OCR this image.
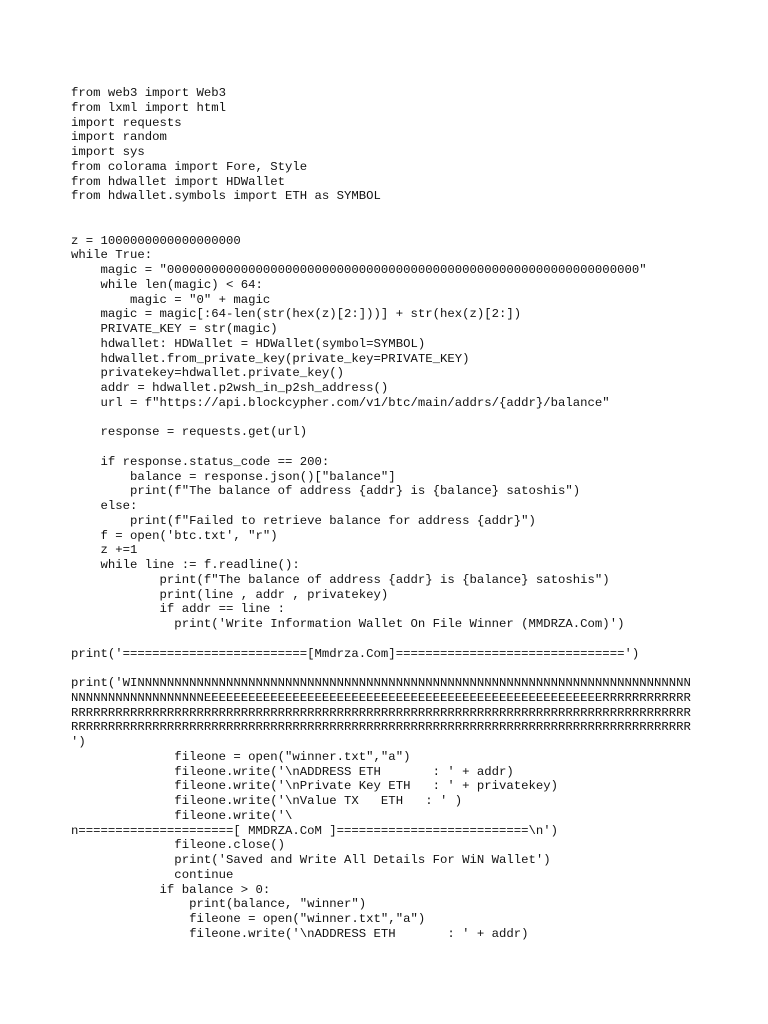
from web3 import Web3
from lxml import html
import requests
import random
import sys
from colorama import Fore, Style
from hdwallet import HDWallet
from hdwallet.symbols import ETH as SYMBOL
z = 1000000000000000000
while True:
magic = "0000000000000000000000000000000000000000000000000000000000000000"
while len(magic) < 64:
magic = "0" + magic
magic = magic[:64-len(str(hex(z)[2:]))] + str(hex(z)[2:])
PRIVATE_KEY = str(magic)
hdwallet: HDWallet = HDWallet(symbol=SYMBOL)
hdwallet.from_private_key(private_key=PRIVATE_KEY)
privatekey=hdwallet.private_key()
addr = hdwallet.p2wsh_in_p2sh_address()
url = f"https://api.blockcypher.com/v1/btc/main/addrs/{addr}/balance"
response = requests.get(url)
if response.status_code == 200:
balance = response.json()["balance"]
print(f"The balance of address {addr} is {balance} satoshis")
else:
print(f"Failed to retrieve balance for address {addr}")
f = open('btc.txt', "r")
z +=1
while line := f.readline():
print(f"The balance of address {addr} is {balance} satoshis")
print(line , addr , privatekey)
if addr == line :
print('Write Information Wallet On File Winner (MMDRZA.Com)')
print('=========================[Mmdrza.Com]===============================')
print('WINNNNNNNNNNNNNNNNNNNNNNNNNNNNNNNNNNNNNNNNNNNNNNNNNNNNNNNNNNNNNNNNNNNNNNNNNNN
NNNNNNNNNNNNNNNNNNEEEEEEEEEEEEEEEEEEEEEEEEEEEEEEEEEEEEEEEEEEEEEEEEEEEEEERRRRRRRRRRRR
RRRRRRRRRRRRRRRRRRRRRRRRRRRRRRRRRRRRRRRRRRRRRRRRRRRRRRRRRRRRRRRRRRRRRRRRRRRRRRRRRRRR
RRRRRRRRRRRRRRRRRRRRRRRRRRRRRRRRRRRRRRRRRRRRRRRRRRRRRRRRRRRRRRRRRRRRRRRRRRRRRRRRRRRR
')
fileone = open("winner.txt","a")
fileone.write('\nADDRESS ETH       : ' + addr)
fileone.write('\nPrivate Key ETH   : ' + privatekey)
fileone.write('\nValue TX   ETH   : ' )
fileone.write('\
n=====================[ MMDRZA.CoM ]==========================\n')
fileone.close()
print('Saved and Write All Details For WiN Wallet')
continue
if balance > 0:
print(balance, "winner")
fileone = open("winner.txt","a")
fileone.write('\nADDRESS ETH       : ' + addr)
